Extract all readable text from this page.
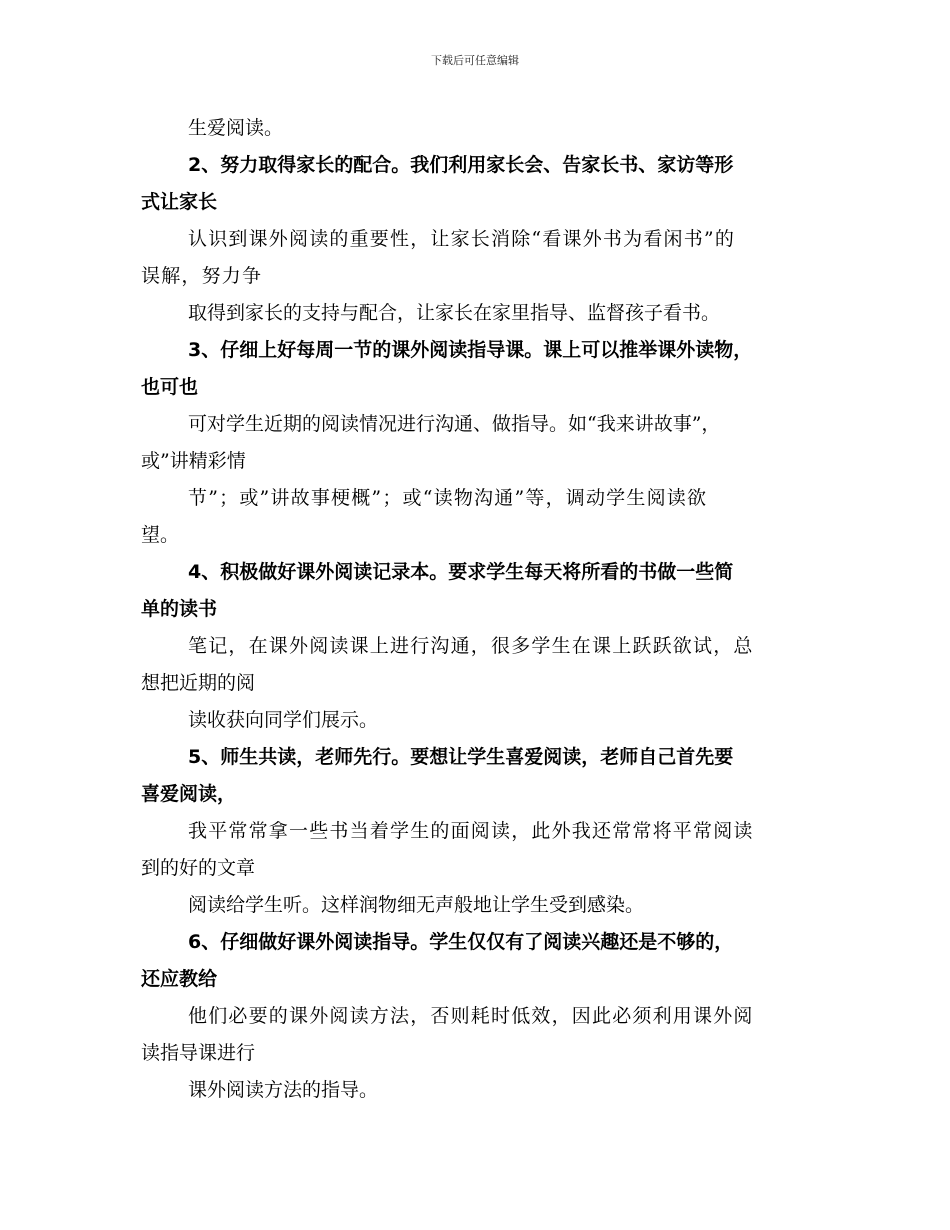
下载后可任意编辑
生爱阅读。
2、努力取得家长的配合。我们利用家长会、告家长书、家访等形
式让家长
认识到课外阅读的重要性，让家长消除“看课外书为看闲书”的
误解，努力争
取得到家长的支持与配合，让家长在家里指导、监督孩子看书。
3、仔细上好每周一节的课外阅读指导课。课上可以推举课外读物，
也可也
可对学生近期的阅读情况进行沟通、做指导。如“我来讲故事”，
或”讲精彩情
节”；或”讲故事梗概”；或“读物沟通”等，调动学生阅读欲
望。
4、积极做好课外阅读记录本。要求学生每天将所看的书做一些简
单的读书
笔记，在课外阅读课上进行沟通，很多学生在课上跃跃欲试，总
想把近期的阅
读收获向同学们展示。
5、师生共读，老师先行。要想让学生喜爱阅读，老师自己首先要
喜爱阅读，
我平常常拿一些书当着学生的面阅读，此外我还常常将平常阅读
到的好的文章
阅读给学生听。这样润物细无声般地让学生受到感染。
6、仔细做好课外阅读指导。学生仅仅有了阅读兴趣还是不够的，
还应教给
他们必要的课外阅读方法，否则耗时低效，因此必须利用课外阅
读指导课进行
课外阅读方法的指导。
